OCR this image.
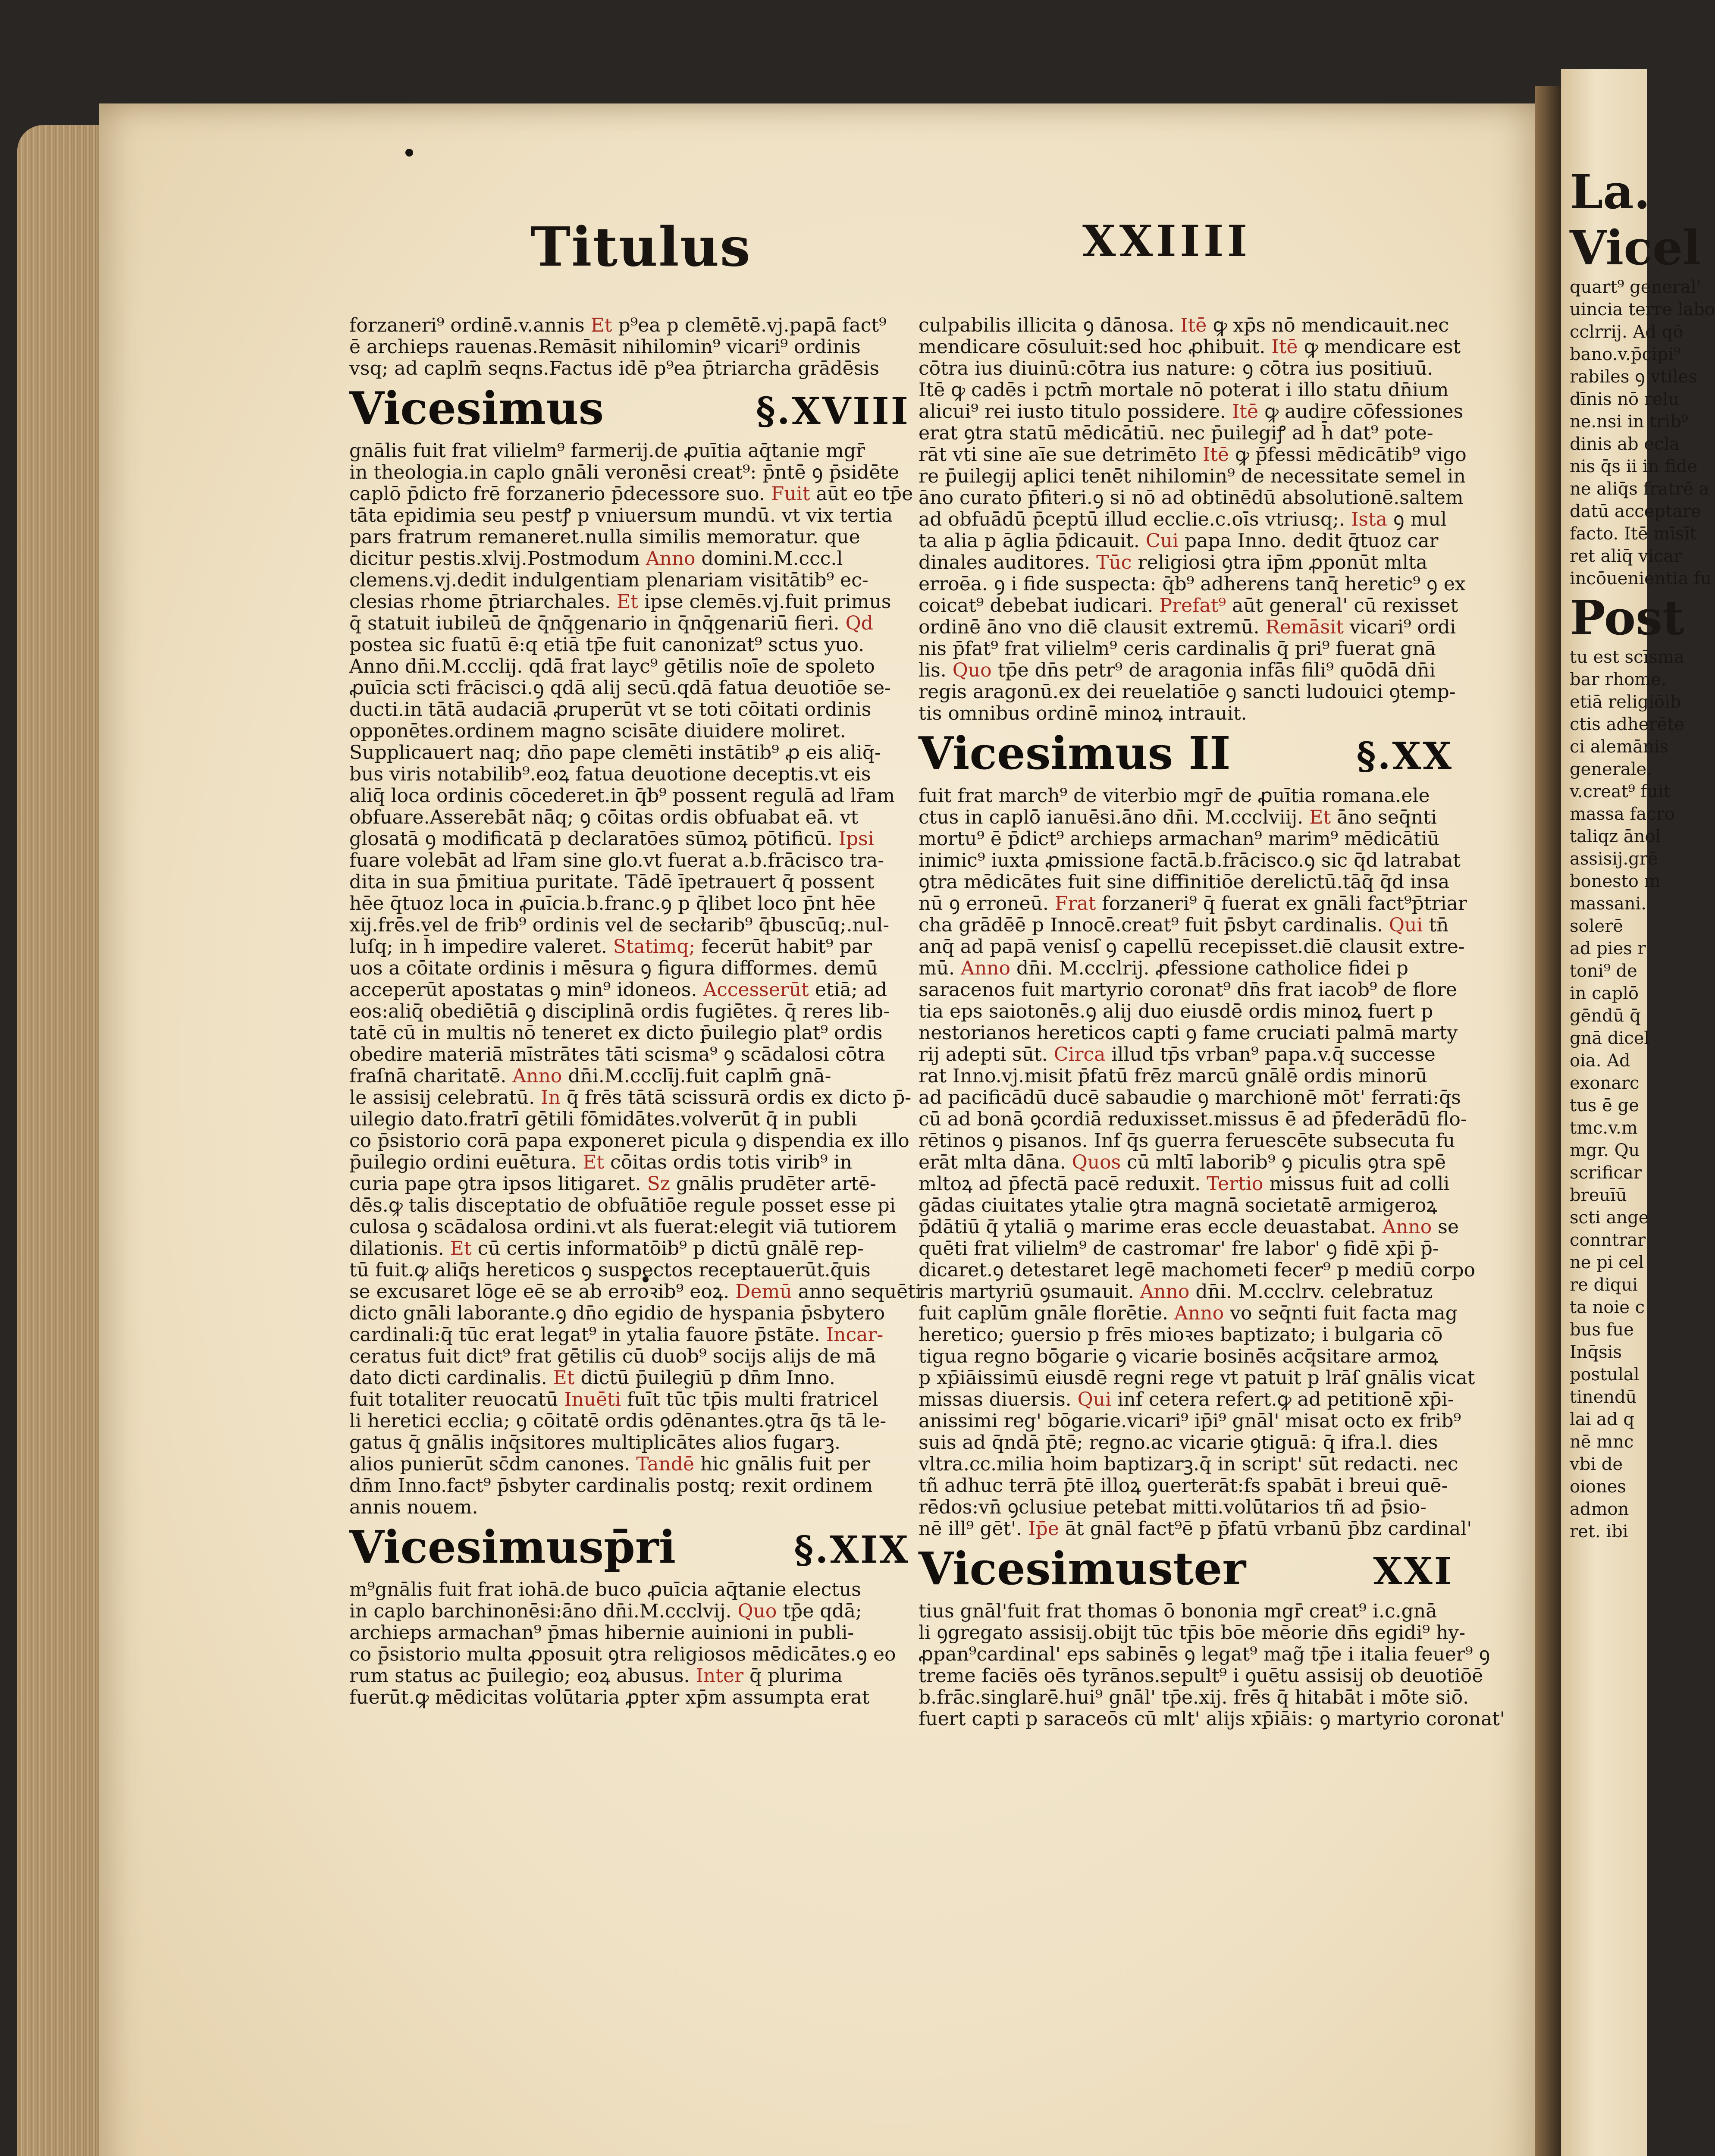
Titulus	XXIIII
forzaneri⁹ ordinē.v.annis Et p⁹ea p clemētē.vj.papā fact⁹
ē archieps rauenas.Remāsit nihilomin⁹ vicari⁹ ordinis
vsq; ad caplm̄ seqns.Factus idē p⁹ea p̄triarcha grādēsis
Vicesimus	§.XVIII
gnālis fuit frat vilielm⁹ farmerij.de ꝓuītia aq̄tanie mgr̄
in theologia.in caplo gnāli veronēsi creat⁹: p̄ntē ꝯ p̄sidēte
caplō p̄dicto frē forzanerio p̄decessore suo. Fuit aūt eo tp̄e
tāta epidimia seu pestꝭ p vniuersum mundū. vt vix tertia
pars fratrum remaneret.nulla similis memoratur. que
dicitur pestis.xlvij.Postmodum Anno domini.M.ccc.l
clemens.vj.dedit indulgentiam plenariam visitātib⁹ ec-
clesias rhome p̄triarchales. Et ipse clemēs.vj.fuit primus
q̄ statuit iubileū de q̄nq̄genario in q̄nq̄genariū fieri. Qd
postea sic fuatū ē:q etiā tp̄e fuit canonizat⁹ sctus yuo.
Anno dn̄i.M.ccclij. qdā frat layc⁹ gētilis noīe de spoleto
ꝓuīcia scti frācisci.ꝯ qdā alij secū.qdā fatua deuotiōe se-
ducti.in tātā audaciā ꝓruperūt vt se toti cōitati ordinis
opponētes.ordinem magno scisāte diuidere moliret.
Supplicauert naq; dn̄o pape clemēti instātib⁹ ꝓ eis aliq̄-
bus viris notabilib⁹.eoꝝ fatua deuotione deceptis.vt eis
aliq̄ loca ordinis cōcederet.in q̄b⁹ possent regulā ad lr̄am
obfuare.Asserebāt nāq; ꝯ cōitas ordis obfuabat eā. vt
glosatā ꝯ modificatā p declaratōes sūmoꝝ pōtificū. Ipsi
fuare volebāt ad lr̄am sine glo.vt fuerat a.b.frācisco tra-
dita in sua p̄mitiua puritate. Tādē īpetrauert q̄ possent
hēe q̄tuoz loca in ꝓuīcia.b.franc.ꝯ p q̄libet loco p̄nt hēe
xij.frēs.vel de frib⁹ ordinis vel de secłarib⁹ q̄buscūq;.nul-
luſq; in h̄ impedire valeret. Statimq; fecerūt habit⁹ par
uos a cōitate ordinis i mēsura ꝯ figura difformes. demū
acceperūt apostatas ꝯ min⁹ idoneos. Accesserūt etiā; ad
eos:aliq̄ obediētiā ꝯ disciplinā ordis fugiētes. q̄ reres lib-
tatē cū in multis nō teneret ex dicto p̄uilegio plat⁹ ordis
obedire materiā mīstrātes tāti scisma⁹ ꝯ scādalosi cōtra
fraſnā charitatē. Anno dn̄i.M.ccclīj.fuit caplm̄ gnā-
le assisij celebratū. In q̄ frēs tātā scissurā ordis ex dicto p̄-
uilegio dato.fratrī gētili fōmidātes.volverūt q̄ in publi
co p̄sistorio corā papa exponeret picula ꝯ dispendia ex illo
p̄uilegio ordini euētura. Et cōitas ordis totis virib⁹ in
curia pape ꝯtra ipsos litigaret. Sz gnālis prudēter artē-
dēs.ꝙ talis disceptatio de obfuātiōe regule posset esse pi
culosa ꝯ scādalosa ordini.vt als fuerat:elegit viā tutiorem
dilationis. Et cū certis informatōib⁹ p dictū gnālē rep-
tū fuit.ꝙ aliq̄s hereticos ꝯ suspectos receptauerūt.q̄uis
se excusaret lōge eē se ab erroꝛib⁹ eoꝝ. Demū anno sequēti
dicto gnāli laborante.ꝯ dn̄o egidio de hyspania p̄sbytero
cardinali:q̄ tūc erat legat⁹ in ytalia fauore p̄stāte. Incar-
ceratus fuit dict⁹ frat gētilis cū duob⁹ socijs alijs de mā
dato dicti cardinalis. Et dictū p̄uilegiū p dn̄m Inno.
fuit totaliter reuocatū Inuēti fuīt tūc tp̄is multi fratricel
li heretici ecclia; ꝯ cōitatē ordis ꝯdēnantes.ꝯtra q̄s tā le-
gatus q̄ gnālis inq̄sitores multiplicātes alios fugarꝫ.
alios punierūt sc̄dm canones. Tandē hic gnālis fuit per
dn̄m Inno.fact⁹ p̄sbyter cardinalis postq; rexit ordinem
annis nouem.
Vicesimusp̄ri	§.XIX
m⁹gnālis fuit frat iohā.de buco ꝓuīcia aq̄tanie electus
in caplo barchinonēsi:āno dn̄i.M.ccclvij. Quo tp̄e qdā;
archieps armachan⁹ p̄mas hibernie auinioni in publi-
co p̄sistorio multa ꝓposuit ꝯtra religiosos mēdicātes.ꝯ eo
rum status ac p̄uilegio; eoꝝ abusus. Inter q̄ plurima
fuerūt.ꝙ mēdicitas volūtaria ꝓpter xp̄m assumpta erat
culpabilis illicita ꝯ dānosa. Itē ꝙ xp̄s nō mendicauit.nec
mendicare cōsuluit:sed hoc ꝓhibuit. Itē ꝙ mendicare est
cōtra ius diuinū:cōtra ius nature: ꝯ cōtra ius positiuū.
Itē ꝙ cadēs i pctm̄ mortale nō poterat i illo statu dn̄ium
alicui⁹ rei iusto titulo possidere. Itē ꝙ audire cōfessiones
erat ꝯtra statū mēdicātiū. nec p̄uilegiꝭ ad h̄ dat⁹ pote-
rāt vti sine aīe sue detrimēto Itē ꝙ p̄fessi mēdicātib⁹ vigo
re p̄uilegij aplici tenēt nihilomin⁹ de necessitate semel in
āno curato p̄fiteri.ꝯ si nō ad obtinēdū absolutionē.saltem
ad obfuādū p̄ceptū illud ecclie.c.oīs vtriusq;. Ista ꝯ mul
ta alia p āglia p̄dicauit. Cui papa Inno. dedit q̄tuoz car
dinales auditores. Tūc religiosi ꝯtra ip̄m ꝓponūt mlta
erroēa. ꝯ i fide suspecta: q̄b⁹ adherens tanq̄ heretic⁹ ꝯ ex
coicat⁹ debebat iudicari. Prefat⁹ aūt general' cū rexisset
ordinē āno vno diē clausit extremū. Remāsit vicari⁹ ordi
nis p̄fat⁹ frat vilielm⁹ ceris cardinalis q̄ pri⁹ fuerat gnā
lis. Quo tp̄e dn̄s petr⁹ de aragonia infās fili⁹ quōdā dn̄i
regis aragonū.ex dei reuelatiōe ꝯ sancti ludouici ꝯtemp-
tis omnibus ordinē minoꝝ intrauit.
Vicesimus II	§.XX
fuit frat march⁹ de viterbio mgr̄ de ꝓuītia romana.ele
ctus in caplō ianuēsi.āno dn̄i. M.ccclviij. Et āno seq̄nti
mortu⁹ ē p̄dict⁹ archieps armachan⁹ marim⁹ mēdicātiū
inimic⁹ iuxta ꝓmissione factā.b.frācisco.ꝯ sic q̄d latrabat
ꝯtra mēdicātes fuit sine diffinitiōe derelictū.tāq̄ q̄d insa
nū ꝯ erroneū. Frat forzaneri⁹ q̄ fuerat ex gnāli fact⁹p̄triar
cha grādēē p Innocē.creat⁹ fuit p̄sbyt cardinalis. Qui tn̄
anq̄ ad papā venisſ ꝯ capellū recepisset.diē clausit extre-
mū. Anno dn̄i. M.ccclrij. ꝓfessione catholice fidei p
saracenos fuit martyrio coronat⁹ dn̄s frat iacob⁹ de flore
tia eps saiotonēs.ꝯ alij duo eiusdē ordis minoꝝ fuert p
nestorianos hereticos capti ꝯ fame cruciati palmā marty
rij adepti sūt. Circa illud tp̄s vrban⁹ papa.v.q̄ successe
rat Inno.vj.misit p̄fatū frēz marcū gnālē ordis minorū
ad pacificādū ducē sabaudie ꝯ marchionē mōt' ferrati:q̄s
cū ad bonā ꝯcordiā reduxisset.missus ē ad p̄federādū flo-
rētinos ꝯ pisanos. Inf q̄s guerra feruescēte subsecuta fu
erāt mlta dāna. Quos cū mltī laborib⁹ ꝯ piculis ꝯtra spē
mltoꝝ ad p̄fectā pacē reduxit. Tertio missus fuit ad colli
gādas ciuitates ytalie ꝯtra magnā societatē armigeroꝝ
p̄dātiū q̄ ytaliā ꝯ marime eras eccle deuastabat. Anno se
quēti frat vilielm⁹ de castromar' fre labor' ꝯ fidē xp̄i p̄-
dicaret.ꝯ detestaret legē machometi fecer⁹ p mediū corpo
ris martyriū ꝯsumauit. Anno dn̄i. M.ccclrv. celebratuz
fuit caplūm gnāle florētie. Anno vo seq̄nti fuit facta mag
heretico; ꝯuersio p frēs mioꝛes baptizato; i bulgaria cō
tigua regno bōgarie ꝯ vicarie bosinēs acq̄sitare armoꝝ
p xp̄iāissimū eiusdē regni rege vt patuit p lrāſ gnālis vicat
missas diuersis. Qui inf cetera refert.ꝙ ad petitionē xp̄i-
anissimi reg' bōgarie.vicari⁹ ip̄i⁹ gnāl' misat octo ex frib⁹
suis ad q̄ndā p̄tē; regno.ac vicarie ꝯtiguā: q̄ ifra.l. dies
vltra.cc.milia hoim baptizarꝫ.q̄ in script' sūt redacti. nec
tñ adhuc terrā p̄tē illoꝝ ꝯuerterāt:fs spabāt i breui quē-
rēdos:vn̄ ꝯclusiue petebat mitti.volūtarios tñ ad p̄sio-
nē ill⁹ gēt'. Ip̄e āt gnāl fact⁹ē p p̄fatū vrbanū p̄bz cardinal'
Vicesimuster	XXI
tius gnāl'fuit frat thomas ō bononia mgr̄ creat⁹ i.c.gnā
li ꝯgregato assisij.obijt tūc tp̄is bōe mēorie dn̄s egidi⁹ hy-
ꝓpan⁹cardinal' eps sabinēs ꝯ legat⁹ mag̃ tp̄e i italia feuer⁹ ꝯ
treme faciēs oēs tyrānos.sepult⁹ i ꝯuētu assisij ob deuotiōē
b.frāc.singlarē.hui⁹ gnāl' tp̄e.xij. frēs q̄ hitabāt i mōte siō.
fuert capti p saraceōs cū mlt' alijs xp̄iāis: ꝯ martyrio coronat'
La.
Vicel
quart⁹ general'
uincia terre labo
cclrrij. Ad qō
bano.v.p̄cipi⁹
rabiles ꝯ vtiles
dīnis nō relu
ne.nsi in trib⁹
dinis ab ecla
nis q̄s ii in fide
ne aliq̄s fratrē a
datū acceptare
facto. Itē mīsīt
ret aliq̄ vicar
incōuenientia fu
Post
tu est scīsma
bar rhome.
etiā religiōib
ctis adherēte
ci alemānis
generale.
v.creat⁹ fuit
massa facro
taliqz ānol
assisij.grē
bonesto m
massani.
solerē
ad pies r
toni⁹ de
in caplō
gēndū q̄
gnā dicel
oia. Ad
exonarc
tus ē ge
tmc.v.m
mgr. Qu
scrificar
breuīū
scti ange
conntrar
ne pi cel
re diqui
ta noie c
bus fue
Inq̄sis
postulal
tinendū
lai ad q
nē mnc
vbi de
oiones
admon
ret. ibi
